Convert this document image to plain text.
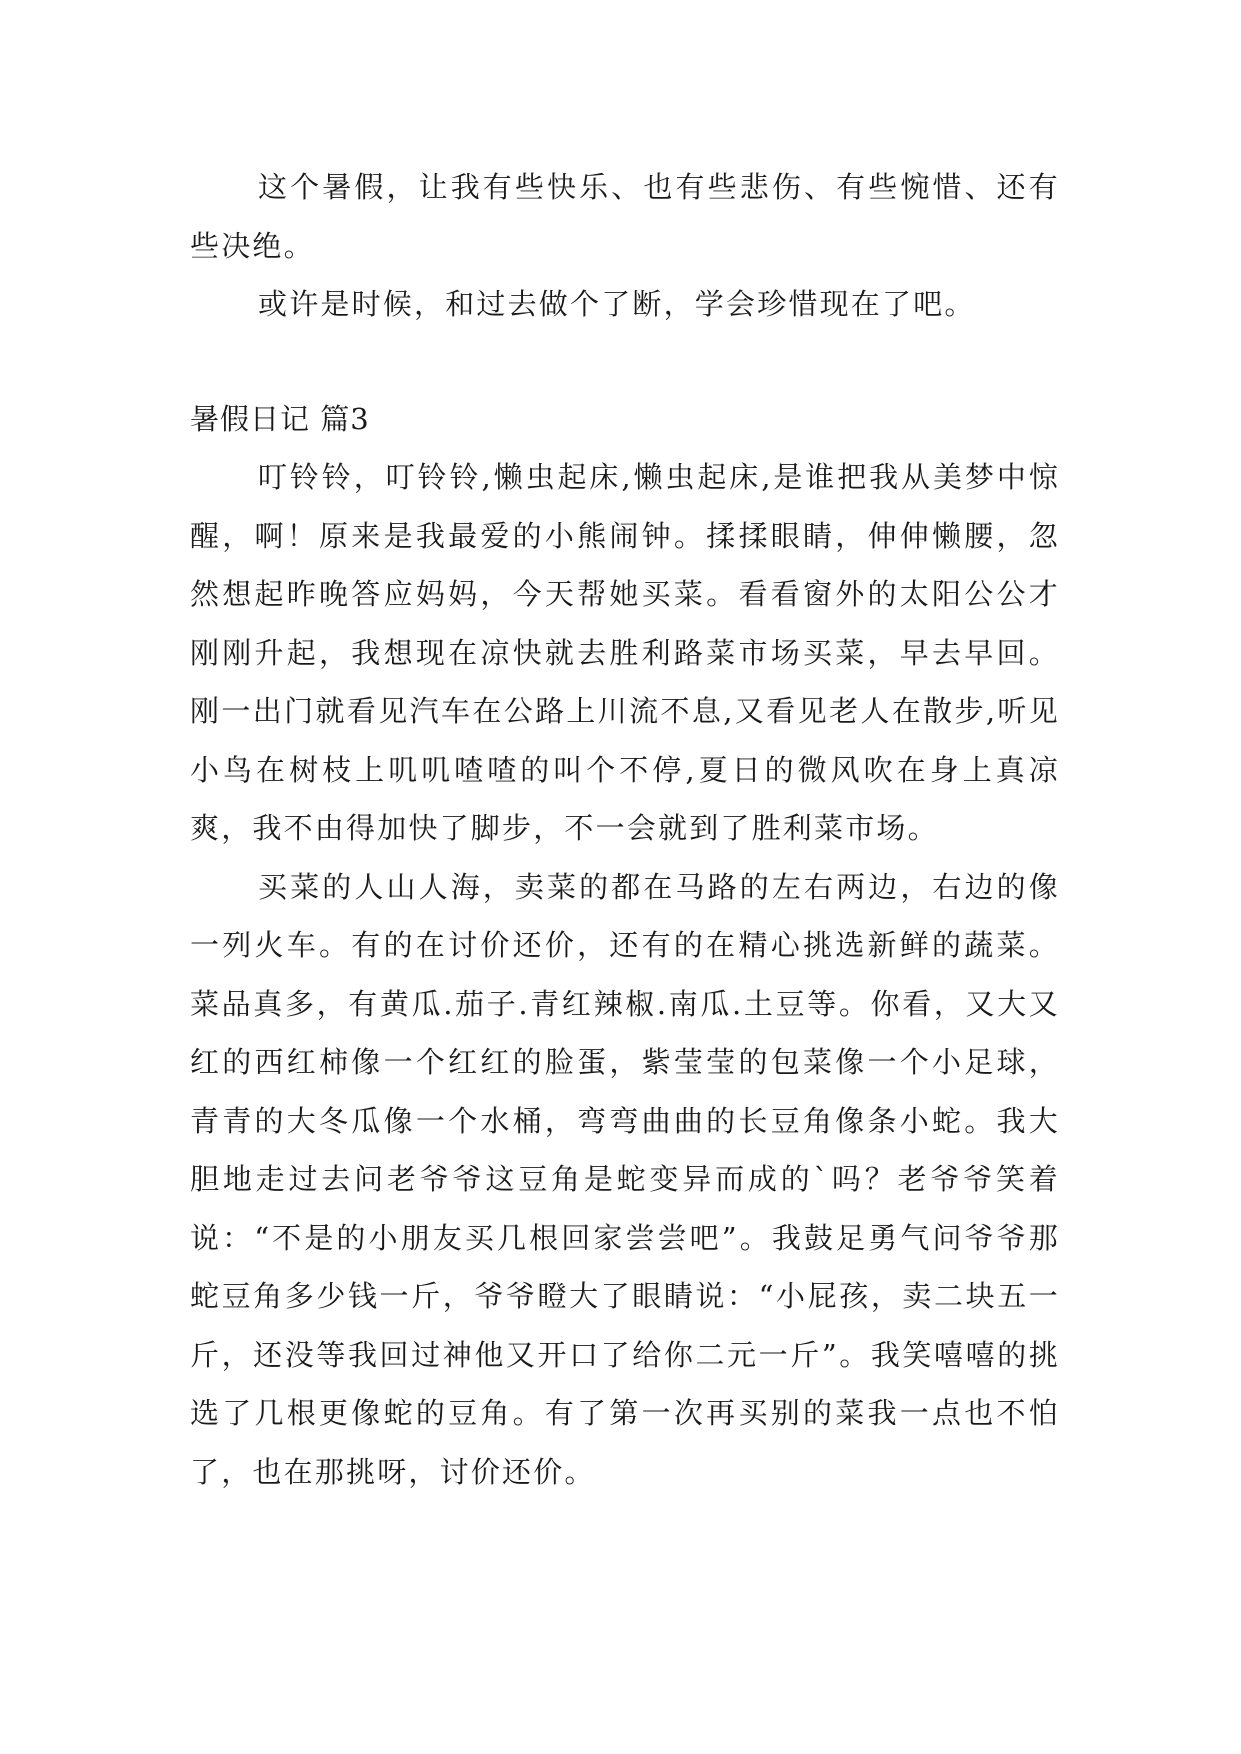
这个暑假，让我有些快乐、也有些悲伤、有些惋惜、还有些决绝。

或许是时候，和过去做个了断，学会珍惜现在了吧。

暑假日记 篇3

叮铃铃，叮铃铃,懒虫起床,懒虫起床,是谁把我从美梦中惊醒，啊！原来是我最爱的小熊闹钟。揉揉眼睛，伸伸懒腰，忽然想起昨晚答应妈妈，今天帮她买菜。看看窗外的太阳公公才刚刚升起，我想现在凉快就去胜利路菜市场买菜，早去早回。刚一出门就看见汽车在公路上川流不息,又看见老人在散步,听见小鸟在树枝上叽叽喳喳的叫个不停,夏日的微风吹在身上真凉爽，我不由得加快了脚步，不一会就到了胜利菜市场。

买菜的人山人海，卖菜的都在马路的左右两边，右边的像一列火车。有的在讨价还价，还有的在精心挑选新鲜的蔬菜。菜品真多，有黄瓜.茄子.青红辣椒.南瓜.土豆等。你看，又大又红的西红柿像一个红红的脸蛋，紫莹莹的包菜像一个小足球，青青的大冬瓜像一个水桶，弯弯曲曲的长豆角像条小蛇。我大胆地走过去问老爷爷这豆角是蛇变异而成的`吗？老爷爷笑着说：“不是的小朋友买几根回家尝尝吧”。我鼓足勇气问爷爷那蛇豆角多少钱一斤，爷爷瞪大了眼睛说：“小屁孩，卖二块五一斤，还没等我回过神他又开口了给你二元一斤”。我笑嘻嘻的挑选了几根更像蛇的豆角。有了第一次再买别的菜我一点也不怕了，也在那挑呀，讨价还价。
